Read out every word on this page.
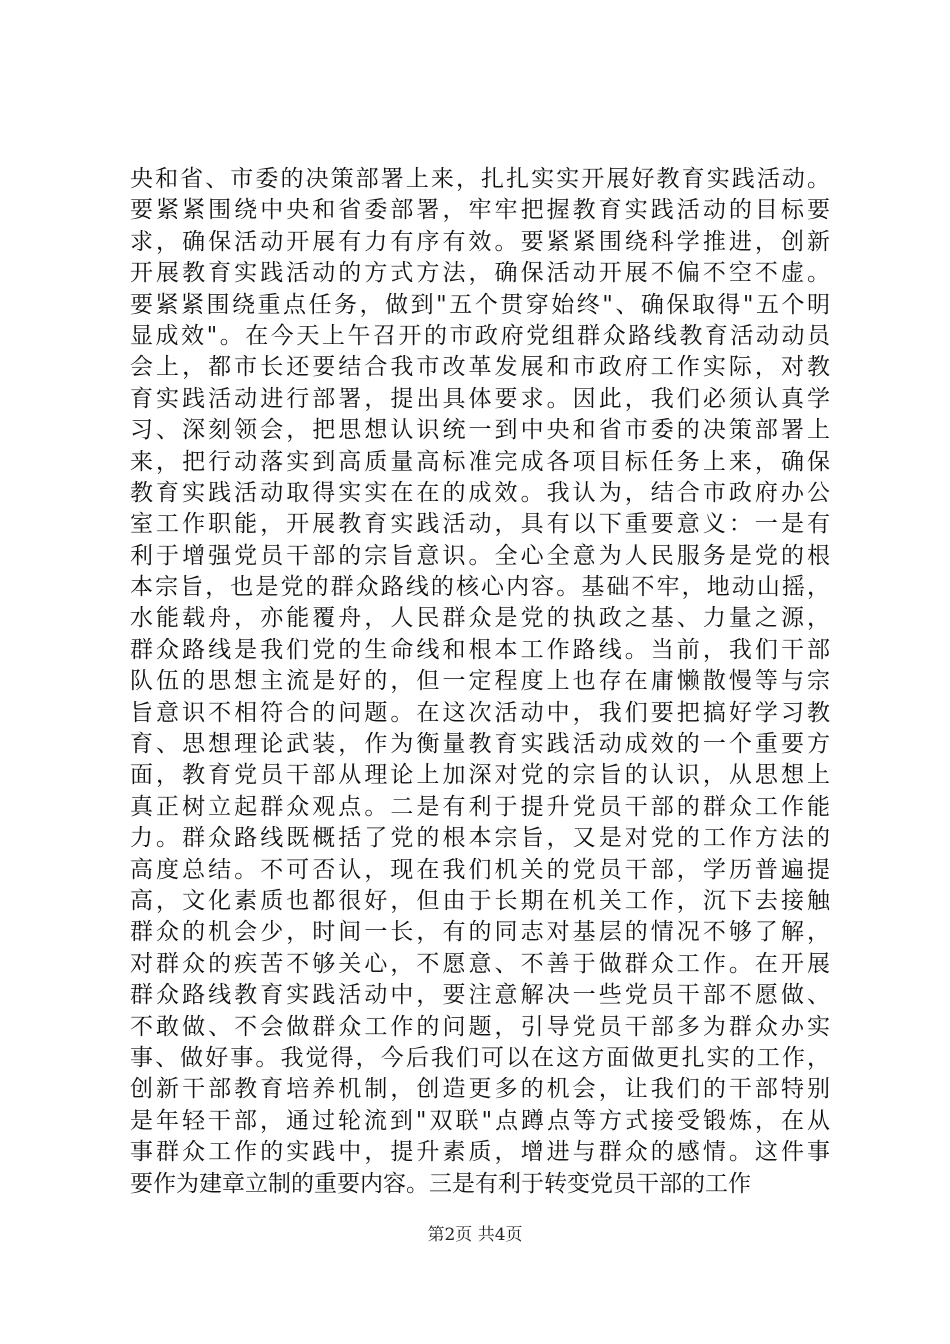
央和省、市委的决策部署上来，扎扎实实开展好教育实践活动。
要紧紧围绕中央和省委部署，牢牢把握教育实践活动的目标要
求，确保活动开展有力有序有效。要紧紧围绕科学推进，创新
开展教育实践活动的方式方法，确保活动开展不偏不空不虚。
要紧紧围绕重点任务，做到"五个贯穿始终"、确保取得"五个明
显成效"。在今天上午召开的市政府党组群众路线教育活动动员
会上，都市长还要结合我市改革发展和市政府工作实际，对教
育实践活动进行部署，提出具体要求。因此，我们必须认真学
习、深刻领会，把思想认识统一到中央和省市委的决策部署上
来，把行动落实到高质量高标准完成各项目标任务上来，确保
教育实践活动取得实实在在的成效。我认为，结合市政府办公
室工作职能，开展教育实践活动，具有以下重要意义：一是有
利于增强党员干部的宗旨意识。全心全意为人民服务是党的根
本宗旨，也是党的群众路线的核心内容。基础不牢，地动山摇，
水能载舟，亦能覆舟，人民群众是党的执政之基、力量之源，
群众路线是我们党的生命线和根本工作路线。当前，我们干部
队伍的思想主流是好的，但一定程度上也存在庸懒散慢等与宗
旨意识不相符合的问题。在这次活动中，我们要把搞好学习教
育、思想理论武装，作为衡量教育实践活动成效的一个重要方
面，教育党员干部从理论上加深对党的宗旨的认识，从思想上
真正树立起群众观点。二是有利于提升党员干部的群众工作能
力。群众路线既概括了党的根本宗旨，又是对党的工作方法的
高度总结。不可否认，现在我们机关的党员干部，学历普遍提
高，文化素质也都很好，但由于长期在机关工作，沉下去接触
群众的机会少，时间一长，有的同志对基层的情况不够了解，
对群众的疾苦不够关心，不愿意、不善于做群众工作。在开展
群众路线教育实践活动中，要注意解决一些党员干部不愿做、
不敢做、不会做群众工作的问题，引导党员干部多为群众办实
事、做好事。我觉得，今后我们可以在这方面做更扎实的工作，
创新干部教育培养机制，创造更多的机会，让我们的干部特别
是年轻干部，通过轮流到"双联"点蹲点等方式接受锻炼，在从
事群众工作的实践中，提升素质，增进与群众的感情。这件事
要作为建章立制的重要内容。三是有利于转变党员干部的工作
第2页 共4页
